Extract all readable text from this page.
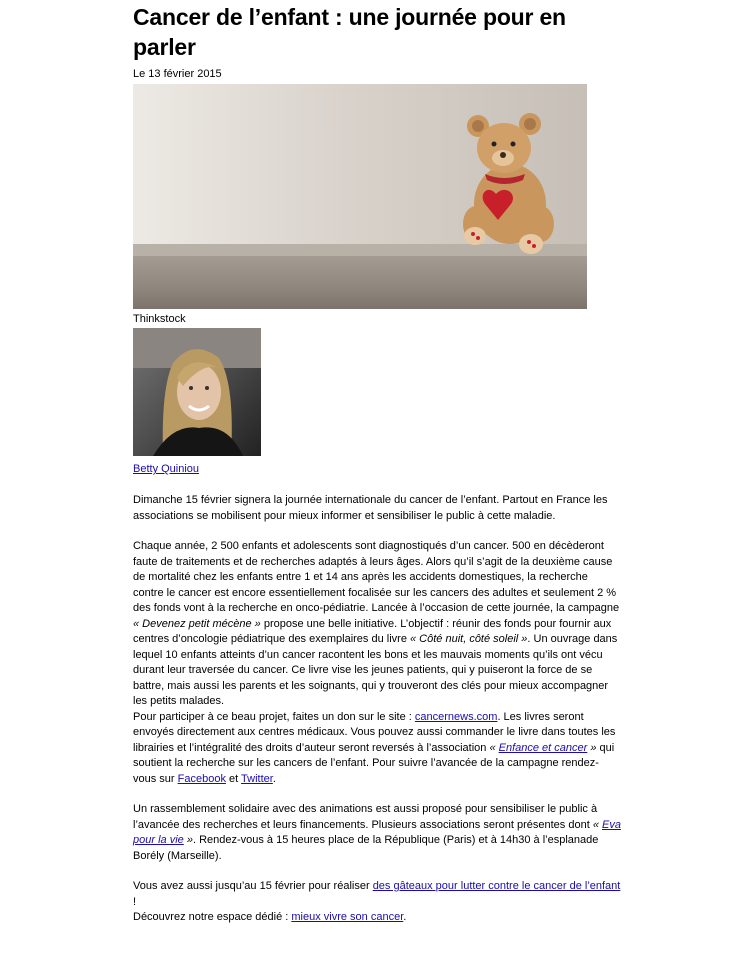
Cancer de l’enfant : une journée pour en parler
Le 13 février 2015
Thinkstock
Betty Quiniou

Dimanche 15 février signera la journée internationale du cancer de l’enfant. Partout en France les associations se mobilisent pour mieux informer et sensibiliser le public à cette maladie.

Chaque année, 2 500 enfants et adolescents sont diagnostiqués d’un cancer. 500 en décèderont faute de traitements et de recherches adaptés à leurs âges. Alors qu’il s’agit de la deuxième cause de mortalité chez les enfants entre 1 et 14 ans après les accidents domestiques, la recherche contre le cancer est encore essentiellement focalisée sur les cancers des adultes et seulement 2 % des fonds vont à la recherche en onco-pédiatrie. Lancée à l’occasion de cette journée, la campagne « Devenez petit mécène » propose une belle initiative. L’objectif : réunir des fonds pour fournir aux centres d’oncologie pédiatrique des exemplaires du livre « Côté nuit, côté soleil ». Un ouvrage dans lequel 10 enfants atteints d’un cancer racontent les bons et les mauvais moments qu’ils ont vécu durant leur traversée du cancer. Ce livre vise les jeunes patients, qui y puiseront la force de se battre, mais aussi les parents et les soignants, qui y trouveront des clés pour mieux accompagner les petits malades.

Pour participer à ce beau projet, faites un don sur le site : cancernews.com. Les livres seront envoyés directement aux centres médicaux. Vous pouvez aussi commander le livre dans toutes les librairies et l’intégralité des droits d’auteur seront reversés à l’association « Enfance et cancer » qui soutient la recherche sur les cancers de l’enfant. Pour suivre l’avancée de la campagne rendez-vous sur Facebook et Twitter.

Un rassemblement solidaire avec des animations est aussi proposé pour sensibiliser le public à l’avancée des recherches et leurs financements. Plusieurs associations seront présentes dont « Eva pour la vie ». Rendez-vous à 15 heures place de la République (Paris) et à 14h30 à l’esplanade Borély (Marseille).

Vous avez aussi jusqu’au 15 février pour réaliser des gâteaux pour lutter contre le cancer de l’enfant !

Découvrez notre espace dédié : mieux vivre son cancer.
